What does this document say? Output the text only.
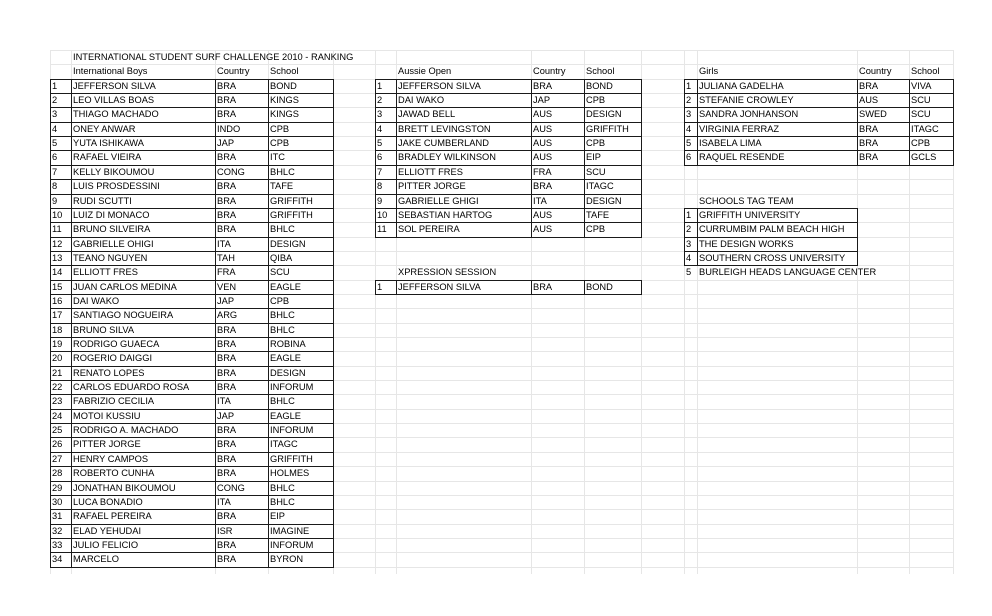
INTERNATIONAL STUDENT SURF CHALLENGE 2010 - RANKING
International Boys	Country	School
1	JEFFERSON SILVA	BRA	BOND
2	LEO VILLAS BOAS	BRA	KINGS
3	THIAGO MACHADO	BRA	KINGS
4	ONEY ANWAR	INDO	CPB
5	YUTA ISHIKAWA	JAP	CPB
6	RAFAEL VIEIRA	BRA	ITC
7	KELLY BIKOUMOU	CONG	BHLC
8	LUIS PROSDESSINI	BRA	TAFE
9	RUDI SCUTTI	BRA	GRIFFITH
10	LUIZ DI MONACO	BRA	GRIFFITH
11	BRUNO SILVEIRA	BRA	BHLC
12	GABRIELLE OHIGI	ITA	DESIGN
13	TEANO NGUYEN	TAH	QIBA
14	ELLIOTT FRES	FRA	SCU
15	JUAN CARLOS MEDINA	VEN	EAGLE
16	DAI WAKO	JAP	CPB
17	SANTIAGO NOGUEIRA	ARG	BHLC
18	BRUNO SILVA	BRA	BHLC
19	RODRIGO GUAECA	BRA	ROBINA
20	ROGERIO DAIGGI	BRA	EAGLE
21	RENATO LOPES	BRA	DESIGN
22	CARLOS EDUARDO ROSA	BRA	INFORUM
23	FABRIZIO CECILIA	ITA	BHLC
24	MOTOI KUSSIU	JAP	EAGLE
25	RODRIGO A. MACHADO	BRA	INFORUM
26	PITTER JORGE	BRA	ITAGC
27	HENRY CAMPOS	BRA	GRIFFITH
28	ROBERTO CUNHA	BRA	HOLMES
29	JONATHAN BIKOUMOU	CONG	BHLC
30	LUCA BONADIO	ITA	BHLC
31	RAFAEL PEREIRA	BRA	EIP
32	ELAD YEHUDAI	ISR	IMAGINE
33	JULIO FELICIO	BRA	INFORUM
34	MARCELO	BRA	BYRON
Aussie Open	Country	School
1	JEFFERSON SILVA	BRA	BOND
2	DAI WAKO	JAP	CPB
3	JAWAD BELL	AUS	DESIGN
4	BRETT LEVINGSTON	AUS	GRIFFITH
5	JAKE CUMBERLAND	AUS	CPB
6	BRADLEY WILKINSON	AUS	EIP
7	ELLIOTT FRES	FRA	SCU
8	PITTER JORGE	BRA	ITAGC
9	GABRIELLE GHIGI	ITA	DESIGN
10	SEBASTIAN HARTOG	AUS	TAFE
11	SOL PEREIRA	AUS	CPB
XPRESSION SESSION
1	JEFFERSON SILVA	BRA	BOND
Girls	Country	School
1 JULIANA GADELHA	BRA	VIVA
2 STEFANIE CROWLEY	AUS	SCU
3 SANDRA JONHANSON	SWED	SCU
4 VIRGINIA FERRAZ	BRA	ITAGC
5 ISABELA LIMA	BRA	CPB
6 RAQUEL RESENDE	BRA	GCLS
SCHOOLS TAG TEAM
1 GRIFFITH UNIVERSITY
2 CURRUMBIM PALM BEACH HIGH
3 THE DESIGN WORKS
4 SOUTHERN CROSS UNIVERSITY
5 BURLEIGH HEADS LANGUAGE CENTER
